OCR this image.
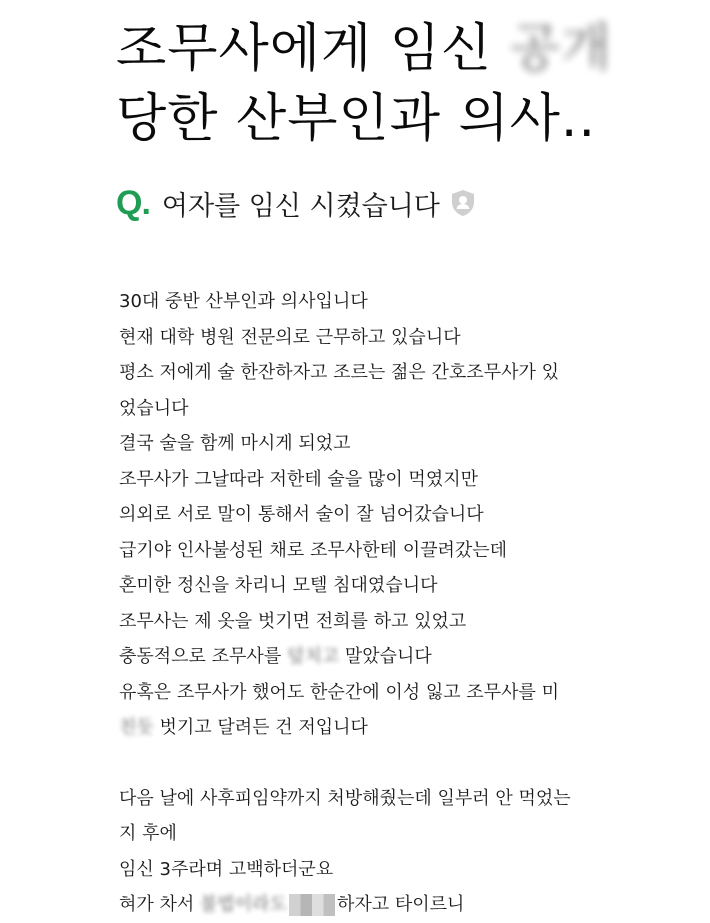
조무사에게 임신 공개
당한 산부인과 의사..
Q. 여자를 임신 시켰습니다
30대 중반 산부인과 의사입니다
현재 대학 병원 전문의로 근무하고 있습니다
평소 저에게 술 한잔하자고 조르는 젊은 간호조무사가 있
었습니다
결국 술을 함께 마시게 되었고
조무사가 그날따라 저한테 술을 많이 먹였지만
의외로 서로 말이 통해서 술이 잘 넘어갔습니다
급기야 인사불성된 채로 조무사한테 이끌려갔는데
혼미한 정신을 차리니 모텔 침대였습니다
조무사는 제 옷을 벗기면 전희를 하고 있었고
충동적으로 조무사를 덮치고 말았습니다
유혹은 조무사가 했어도 한순간에 이성 잃고 조무사를 미
친듯 벗기고 달려든 건 저입니다
다음 날에 사후피임약까지 처방해줬는데 일부러 안 먹었는
지 후에
임신 3주라며 고백하더군요
혀가 차서 불법이라도	하자고 타이르니
